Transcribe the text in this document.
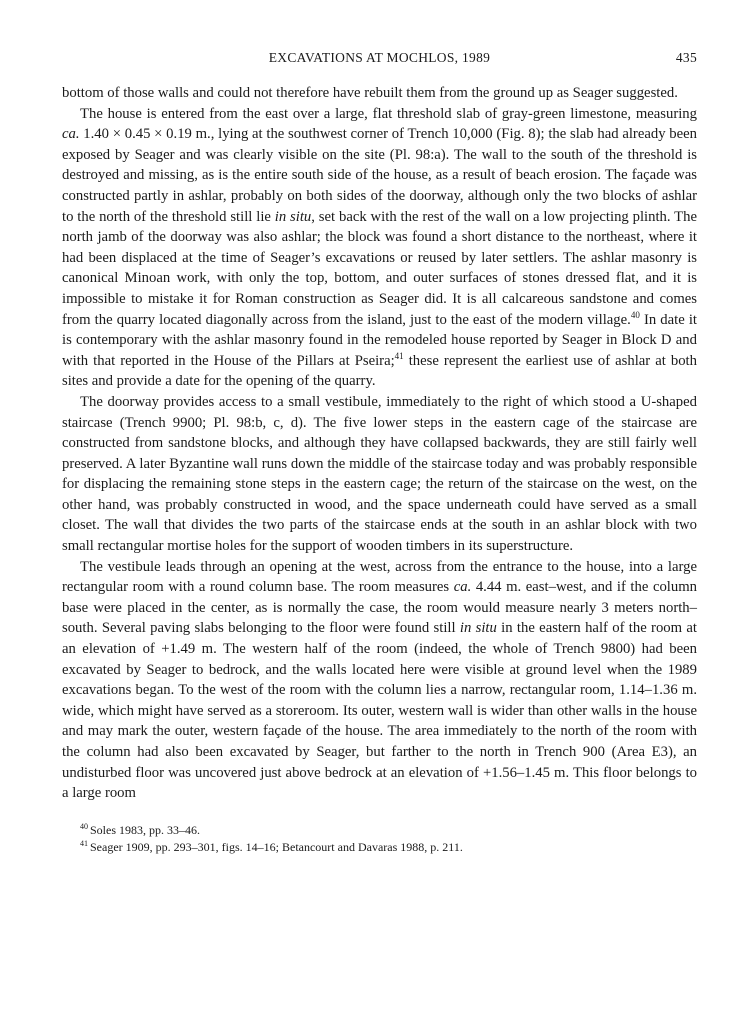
EXCAVATIONS AT MOCHLOS, 1989	435

bottom of those walls and could not therefore have rebuilt them from the ground up as Seager suggested.

The house is entered from the east over a large, flat threshold slab of gray-green limestone, measuring ca. 1.40 × 0.45 × 0.19 m., lying at the southwest corner of Trench 10,000 (Fig. 8); the slab had already been exposed by Seager and was clearly visible on the site (Pl. 98:a). The wall to the south of the threshold is destroyed and missing, as is the entire south side of the house, as a result of beach erosion. The façade was constructed partly in ashlar, probably on both sides of the doorway, although only the two blocks of ashlar to the north of the threshold still lie in situ, set back with the rest of the wall on a low projecting plinth. The north jamb of the doorway was also ashlar; the block was found a short distance to the northeast, where it had been displaced at the time of Seager’s excavations or reused by later settlers. The ashlar masonry is canonical Minoan work, with only the top, bottom, and outer surfaces of stones dressed flat, and it is impossible to mistake it for Roman construction as Seager did. It is all calcareous sandstone and comes from the quarry located diagonally across from the island, just to the east of the modern village.$^{40}$ In date it is contemporary with the ashlar masonry found in the remodeled house reported by Seager in Block D and with that reported in the House of the Pillars at Pseira;$^{41}$ these represent the earliest use of ashlar at both sites and provide a date for the opening of the quarry.

The doorway provides access to a small vestibule, immediately to the right of which stood a U-shaped staircase (Trench 9900; Pl. 98:b, c, d). The five lower steps in the eastern cage of the staircase are constructed from sandstone blocks, and although they have collapsed backwards, they are still fairly well preserved. A later Byzantine wall runs down the middle of the staircase today and was probably responsible for displacing the remaining stone steps in the eastern cage; the return of the staircase on the west, on the other hand, was probably constructed in wood, and the space underneath could have served as a small closet. The wall that divides the two parts of the staircase ends at the south in an ashlar block with two small rectangular mortise holes for the support of wooden timbers in its superstructure.

The vestibule leads through an opening at the west, across from the entrance to the house, into a large rectangular room with a round column base. The room measures ca. 4.44 m. east–west, and if the column base were placed in the center, as is normally the case, the room would measure nearly 3 meters north–south. Several paving slabs belonging to the floor were found still in situ in the eastern half of the room at an elevation of +1.49 m. The western half of the room (indeed, the whole of Trench 9800) had been excavated by Seager to bedrock, and the walls located here were visible at ground level when the 1989 excavations began. To the west of the room with the column lies a narrow, rectangular room, 1.14–1.36 m. wide, which might have served as a storeroom. Its outer, western wall is wider than other walls in the house and may mark the outer, western façade of the house. The area immediately to the north of the room with the column had also been excavated by Seager, but farther to the north in Trench 900 (Area E3), an undisturbed floor was uncovered just above bedrock at an elevation of +1.56–1.45 m. This floor belongs to a large room

$^{40}$ Soles 1983, pp. 33–46.

$^{41}$ Seager 1909, pp. 293–301, figs. 14–16; Betancourt and Davaras 1988, p. 211.
